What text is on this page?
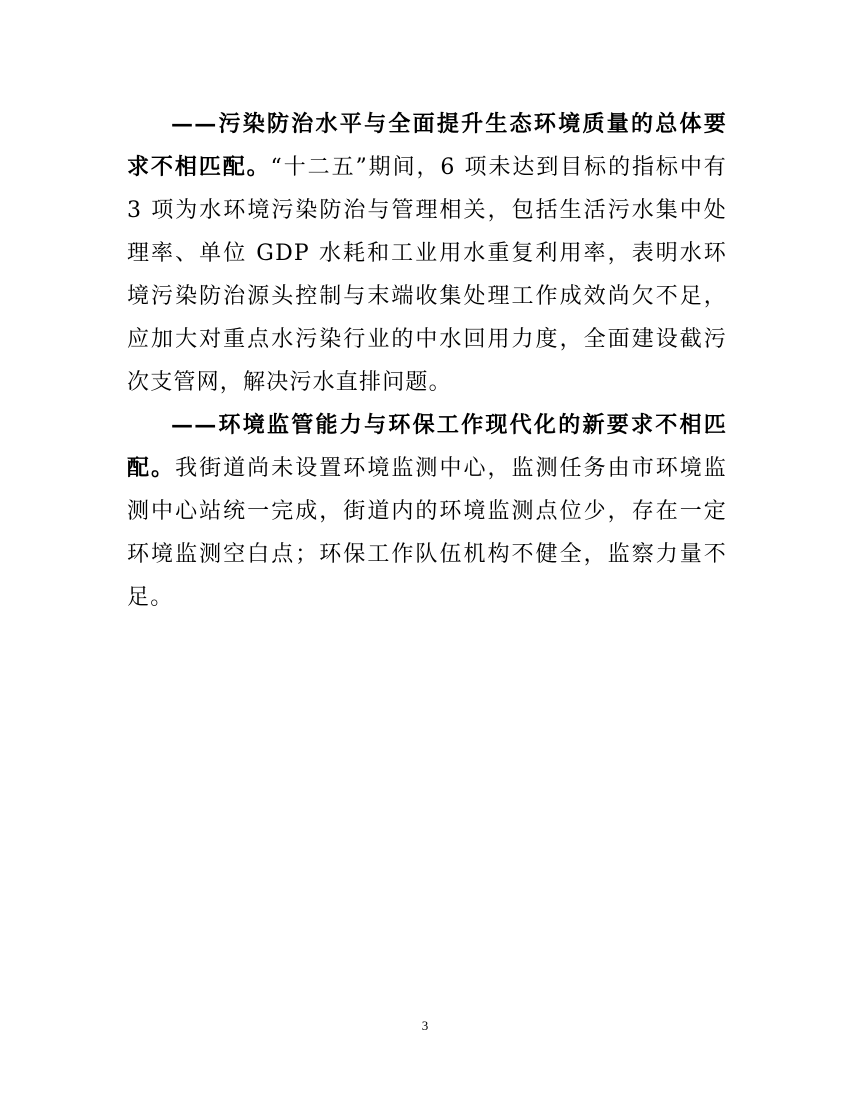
——污染防治水平与全面提升生态环境质量的总体要求不相匹配。“十二五”期间，6 项未达到目标的指标中有 3 项为水环境污染防治与管理相关，包括生活污水集中处理率、单位 GDP 水耗和工业用水重复利用率，表明水环境污染防治源头控制与末端收集处理工作成效尚欠不足，应加大对重点水污染行业的中水回用力度，全面建设截污次支管网，解决污水直排问题。

——环境监管能力与环保工作现代化的新要求不相匹配。我街道尚未设置环境监测中心，监测任务由市环境监测中心站统一完成，街道内的环境监测点位少，存在一定环境监测空白点；环保工作队伍机构不健全，监察力量不足。

3
